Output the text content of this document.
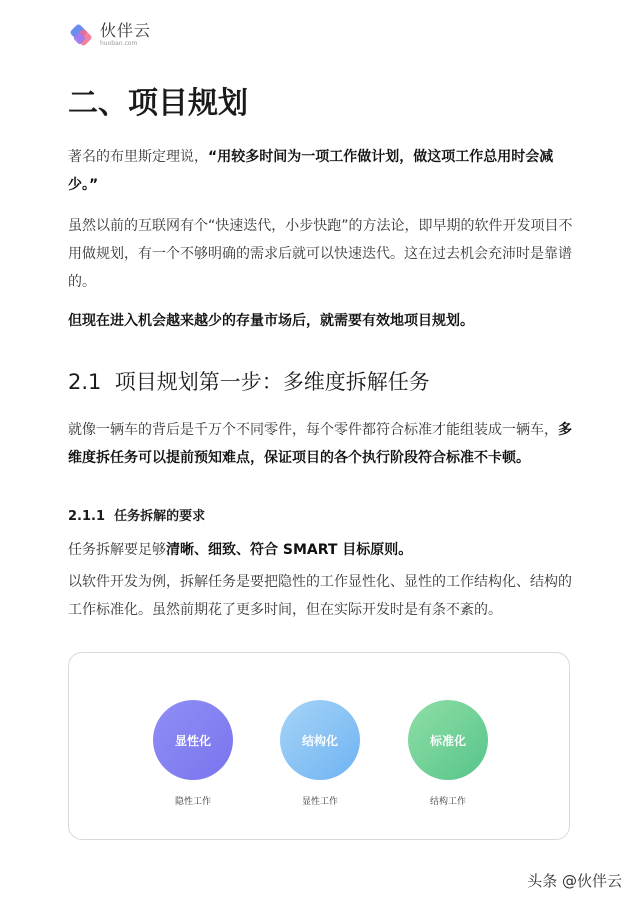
伙伴云
huoban.com
二、项目规划

著名的布里斯定理说，“用较多时间为一项工作做计划，做这项工作总用时会减少。”

虽然以前的互联网有个“快速迭代，小步快跑”的方法论，即早期的软件开发项目不用做规划，有一个不够明确的需求后就可以快速迭代。这在过去机会充沛时是靠谱的。

但现在进入机会越来越少的存量市场后，就需要有效地项目规划。

2.1 项目规划第一步：多维度拆解任务

就像一辆车的背后是千万个不同零件，每个零件都符合标准才能组装成一辆车，多维度拆任务可以提前预知难点，保证项目的各个执行阶段符合标准不卡顿。

2.1.1 任务拆解的要求

任务拆解要足够清晰、细致、符合 SMART 目标原则。

以软件开发为例，拆解任务是要把隐性的工作显性化、显性的工作结构化、结构的工作标准化。虽然前期花了更多时间，但在实际开发时是有条不紊的。

显性化
隐性工作
结构化
显性工作
标准化
结构工作
头条 @伙伴云
